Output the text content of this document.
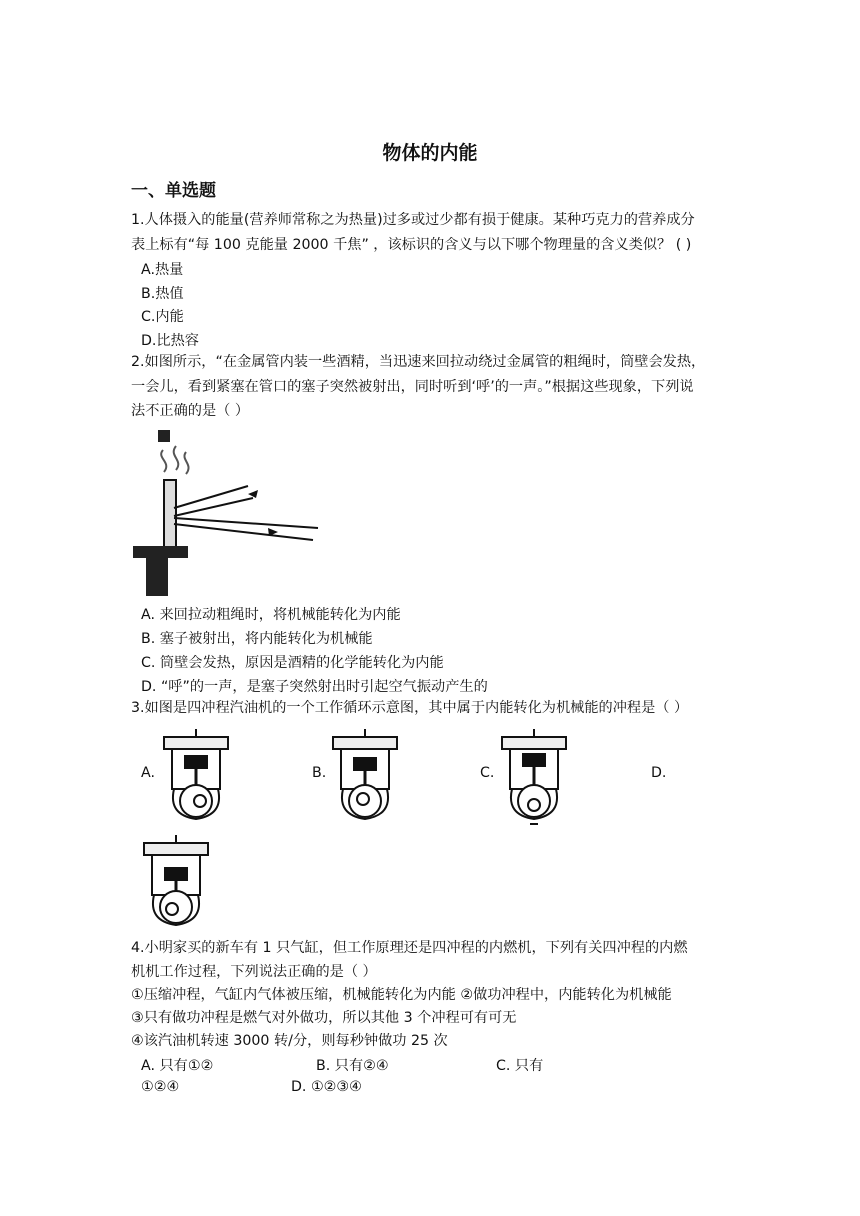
物体的内能
一、单选题
1.人体摄入的能量(营养师常称之为热量)过多或过少都有损于健康。某种巧克力的营养成分
表上标有“每 100 克能量 2000 千焦” ，该标识的含义与以下哪个物理量的含义类似？ ( )
A.热量
B.热值
C.内能
D.比热容
2.如图所示，“在金属管内装一些酒精，当迅速来回拉动绕过金属管的粗绳时，筒壁会发热，
一会儿，看到紧塞在管口的塞子突然被射出，同时听到‘呼’的一声。”根据这些现象，下列说
法不正确的是（ ）
A. 来回拉动粗绳时，将机械能转化为内能
B. 塞子被射出，将内能转化为机械能
C. 筒壁会发热，原因是酒精的化学能转化为内能
D. “呼”的一声，是塞子突然射出时引起空气振动产生的
3.如图是四冲程汽油机的一个工作循环示意图，其中属于内能转化为机械能的冲程是（ ）
A.	B.	C.	D.
4.小明家买的新车有 1 只气缸，但工作原理还是四冲程的内燃机，下列有关四冲程的内燃
机机工作过程，下列说法正确的是（ ）
①压缩冲程，气缸内气体被压缩，机械能转化为内能 ②做功冲程中，内能转化为机械能
③只有做功冲程是燃气对外做功，所以其他 3 个冲程可有可无
④该汽油机转速 3000 转/分，则每秒钟做功 25 次
A. 只有①②	B. 只有②④	C. 只有
①②④	D. ①②③④
